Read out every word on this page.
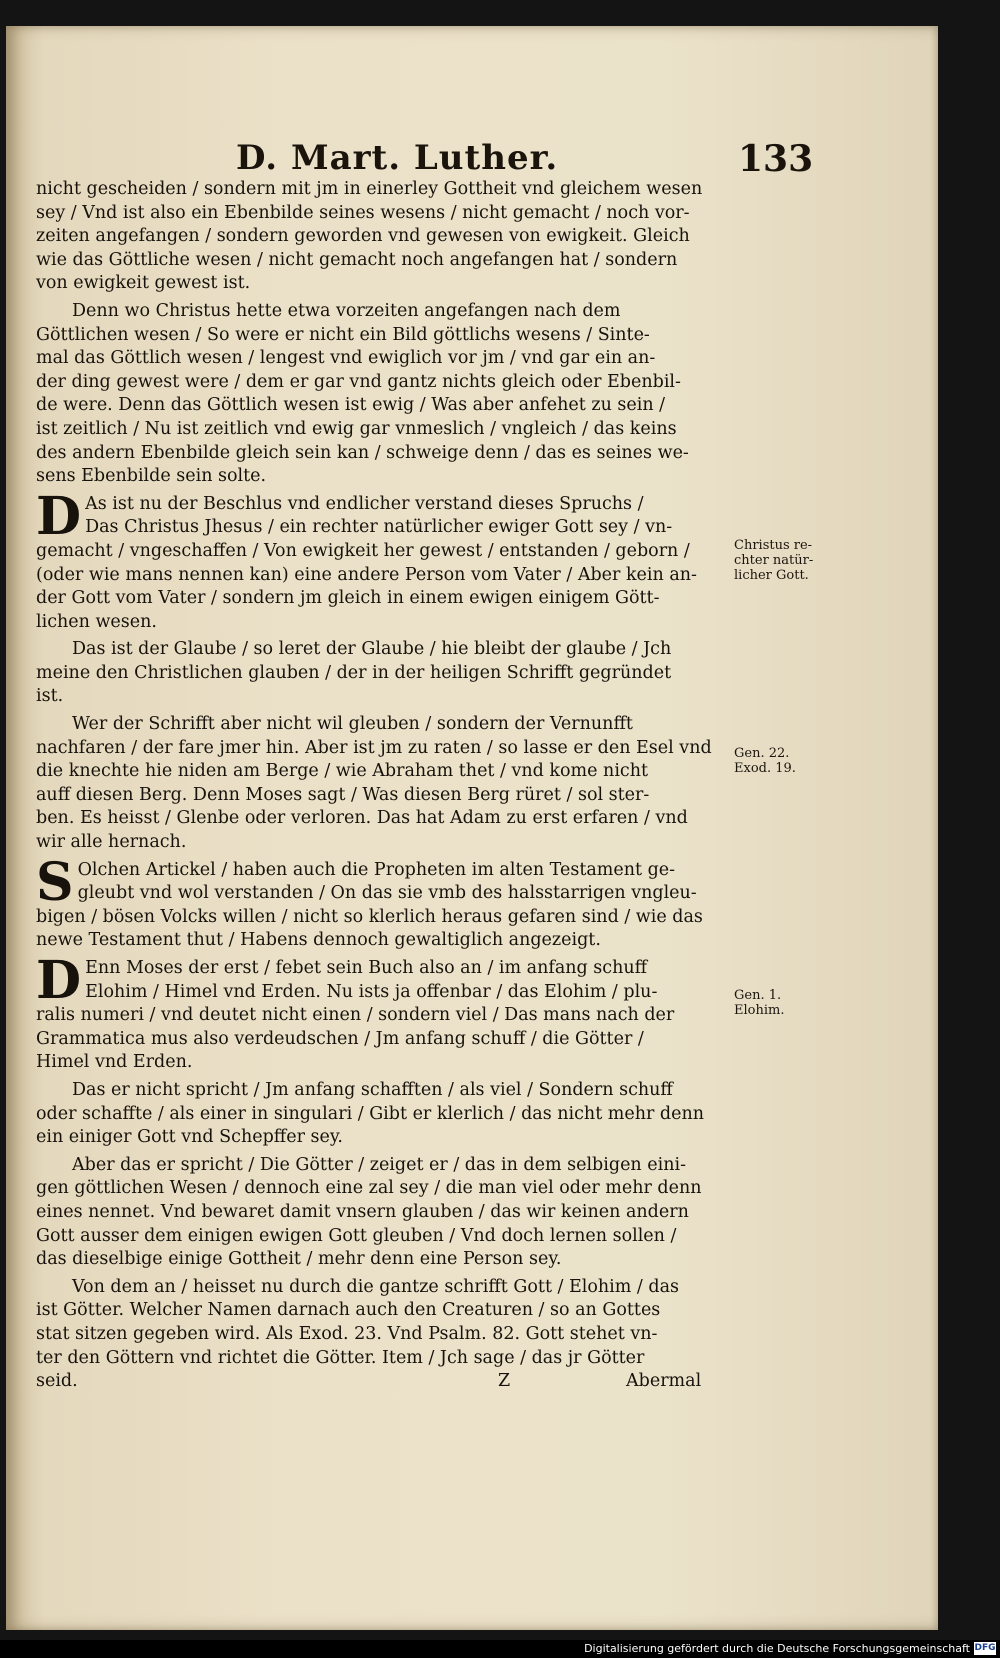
D. Mart. Luther.	133
nicht gescheiden / sondern mit jm in einerley Gottheit vnd gleichem wesen
sey / Vnd ist also ein Ebenbilde seines wesens / nicht gemacht / noch vor-
zeiten angefangen / sondern geworden vnd gewesen von ewigkeit. Gleich
wie das Göttliche wesen / nicht gemacht noch angefangen hat / sondern
von ewigkeit gewest ist.
Denn wo Christus hette etwa vorzeiten angefangen nach dem
Göttlichen wesen / So were er nicht ein Bild göttlichs wesens / Sinte-
mal das Göttlich wesen / lengest vnd ewiglich vor jm / vnd gar ein an-
der ding gewest were / dem er gar vnd gantz nichts gleich oder Ebenbil-
de were. Denn das Göttlich wesen ist ewig / Was aber anfehet zu sein /
ist zeitlich / Nu ist zeitlich vnd ewig gar vnmeslich / vngleich / das keins
des andern Ebenbilde gleich sein kan / schweige denn / das es seines we-
sens Ebenbilde sein solte.
D As ist nu der Beschlus vnd endlicher verstand dieses Spruchs /
Das Christus Jhesus / ein rechter natürlicher ewiger Gott sey / vn-
gemacht / vngeschaffen / Von ewigkeit her gewest / entstanden / geborn /
(oder wie mans nennen kan) eine andere Person vom Vater / Aber kein an-
der Gott vom Vater / sondern jm gleich in einem ewigen einigem Gött-
lichen wesen.
Das ist der Glaube / so leret der Glaube / hie bleibt der glaube / Jch
meine den Christlichen glauben / der in der heiligen Schrifft gegründet
ist.
Wer der Schrifft aber nicht wil gleuben / sondern der Vernunfft
nachfaren / der fare jmer hin. Aber ist jm zu raten / so lasse er den Esel vnd
die knechte hie niden am Berge / wie Abraham thet / vnd kome nicht
auff diesen Berg. Denn Moses sagt / Was diesen Berg rüret / sol ster-
ben. Es heisst / Glenbe oder verloren. Das hat Adam zu erst erfaren / vnd
wir alle hernach.
S Olchen Artickel / haben auch die Propheten im alten Testament ge-
gleubt vnd wol verstanden / On das sie vmb des halsstarrigen vngleu-
bigen / bösen Volcks willen / nicht so klerlich heraus gefaren sind / wie das
newe Testament thut / Habens dennoch gewaltiglich angezeigt.
D Enn Moses der erst / febet sein Buch also an / im anfang schuff
Elohim / Himel vnd Erden. Nu ists ja offenbar / das Elohim / plu-
ralis numeri / vnd deutet nicht einen / sondern viel / Das mans nach der
Grammatica mus also verdeudschen / Jm anfang schuff / die Götter /
Himel vnd Erden.
Das er nicht spricht / Jm anfang schafften / als viel / Sondern schuff
oder schaffte / als einer in singulari / Gibt er klerlich / das nicht mehr denn
ein einiger Gott vnd Schepffer sey.
Aber das er spricht / Die Götter / zeiget er / das in dem selbigen eini-
gen göttlichen Wesen / dennoch eine zal sey / die man viel oder mehr denn
eines nennet. Vnd bewaret damit vnsern glauben / das wir keinen andern
Gott ausser dem einigen ewigen Gott gleuben / Vnd doch lernen sollen /
das dieselbige einige Gottheit / mehr denn eine Person sey.
Von dem an / heisset nu durch die gantze schrifft Gott / Elohim / das
ist Götter. Welcher Namen darnach auch den Creaturen / so an Gottes
stat sitzen gegeben wird. Als Exod. 23. Vnd Psalm. 82. Gott stehet vn-
ter den Göttern vnd richtet die Götter. Item / Jch sage / das jr Götter
seid.	Z	Abermal
Christus re-
chter natür-
licher Gott.
Gen. 22.
Exod. 19.
Gen. 1.
Elohim.
Digitalisierung gefördert durch die Deutsche Forschungsgemeinschaft DFG
